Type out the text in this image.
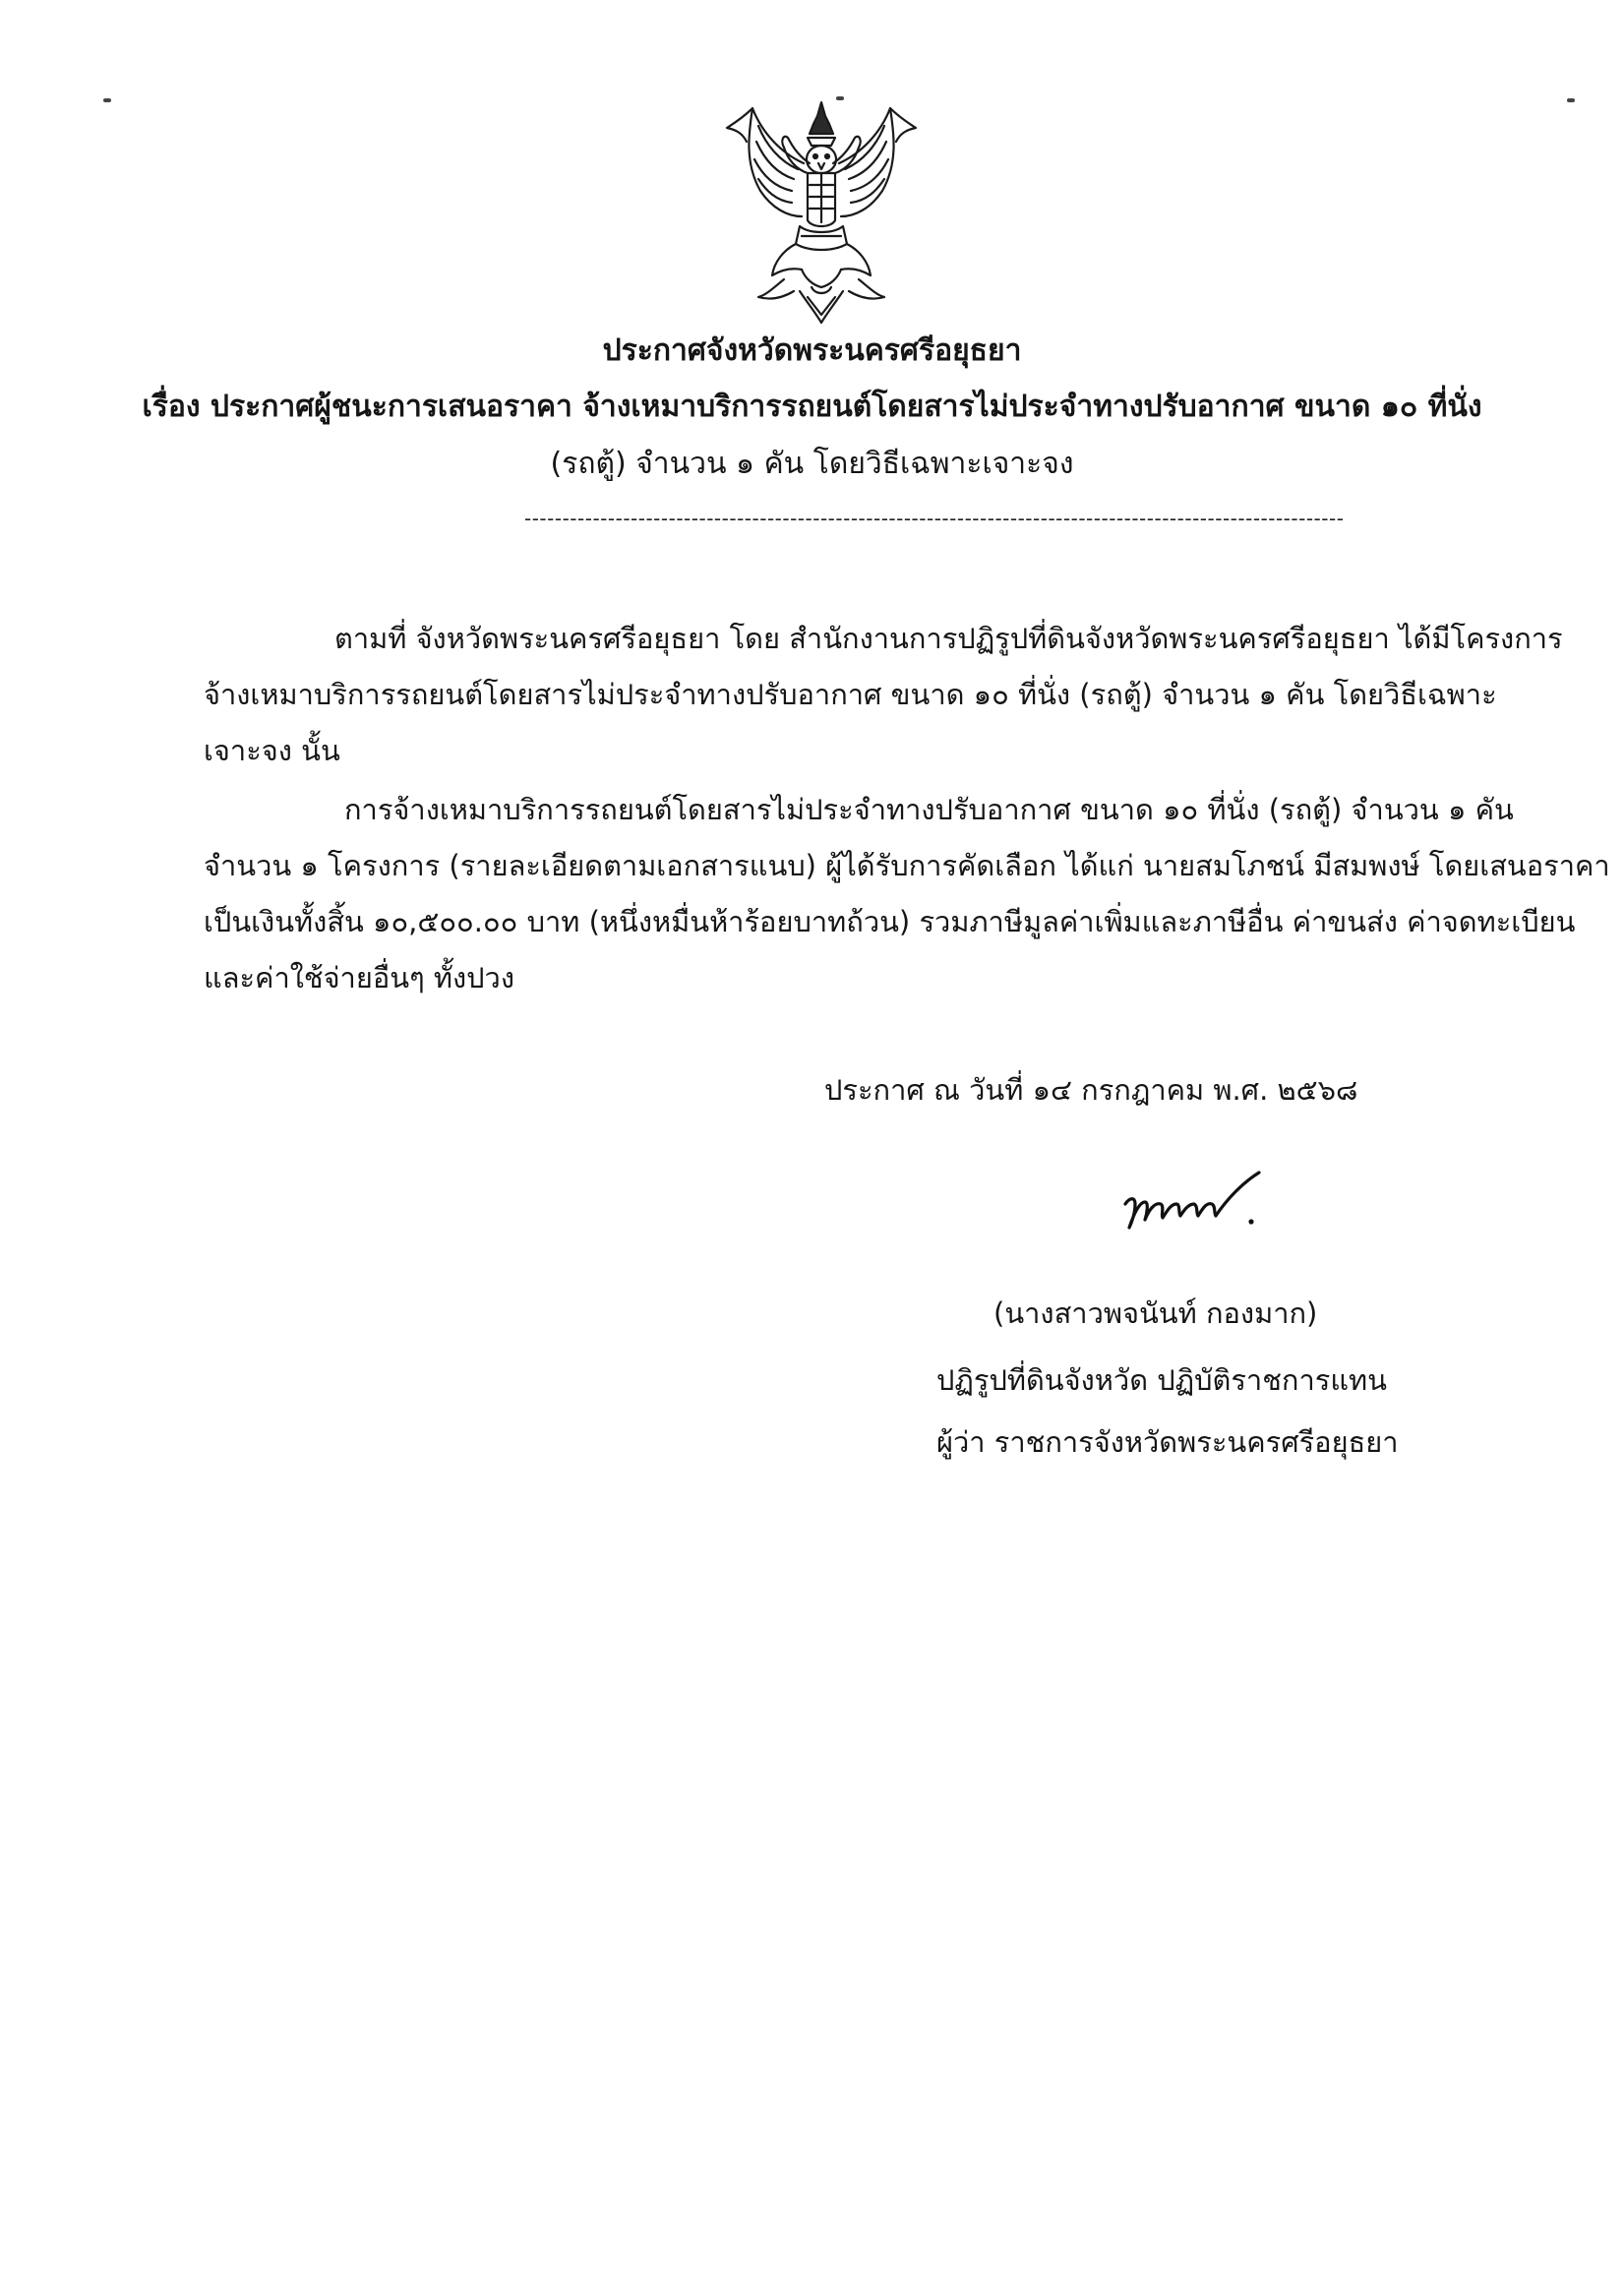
ประกาศจังหวัดพระนครศรีอยุธยา
เรื่อง ประกาศผู้ชนะการเสนอราคา จ้างเหมาบริการรถยนต์โดยสารไม่ประจำทางปรับอากาศ ขนาด ๑๐ ที่นั่ง
(รถตู้) จำนวน ๑ คัน โดยวิธีเฉพาะเจาะจง
------------------------------------------------------------------------------------------------------------
ตามที่ จังหวัดพระนครศรีอยุธยา โดย สำนักงานการปฏิรูปที่ดินจังหวัดพระนครศรีอยุธยา ได้มีโครงการ
จ้างเหมาบริการรถยนต์โดยสารไม่ประจำทางปรับอากาศ ขนาด ๑๐ ที่นั่ง (รถตู้) จำนวน ๑ คัน โดยวิธีเฉพาะ
เจาะจง นั้น
การจ้างเหมาบริการรถยนต์โดยสารไม่ประจำทางปรับอากาศ ขนาด ๑๐ ที่นั่ง (รถตู้) จำนวน ๑ คัน
จำนวน ๑ โครงการ (รายละเอียดตามเอกสารแนบ) ผู้ได้รับการคัดเลือก ได้แก่ นายสมโภชน์ มีสมพงษ์ โดยเสนอราคา
เป็นเงินทั้งสิ้น ๑๐,๕๐๐.๐๐ บาท (หนึ่งหมื่นห้าร้อยบาทถ้วน) รวมภาษีมูลค่าเพิ่มและภาษีอื่น ค่าขนส่ง ค่าจดทะเบียน
และค่าใช้จ่ายอื่นๆ ทั้งปวง
ประกาศ ณ วันที่ ๑๔ กรกฎาคม พ.ศ. ๒๕๖๘
(นางสาวพจนันท์ กองมาก)
ปฏิรูปที่ดินจังหวัด ปฏิบัติราชการแทน
ผู้ว่า ราชการจังหวัดพระนครศรีอยุธยา
